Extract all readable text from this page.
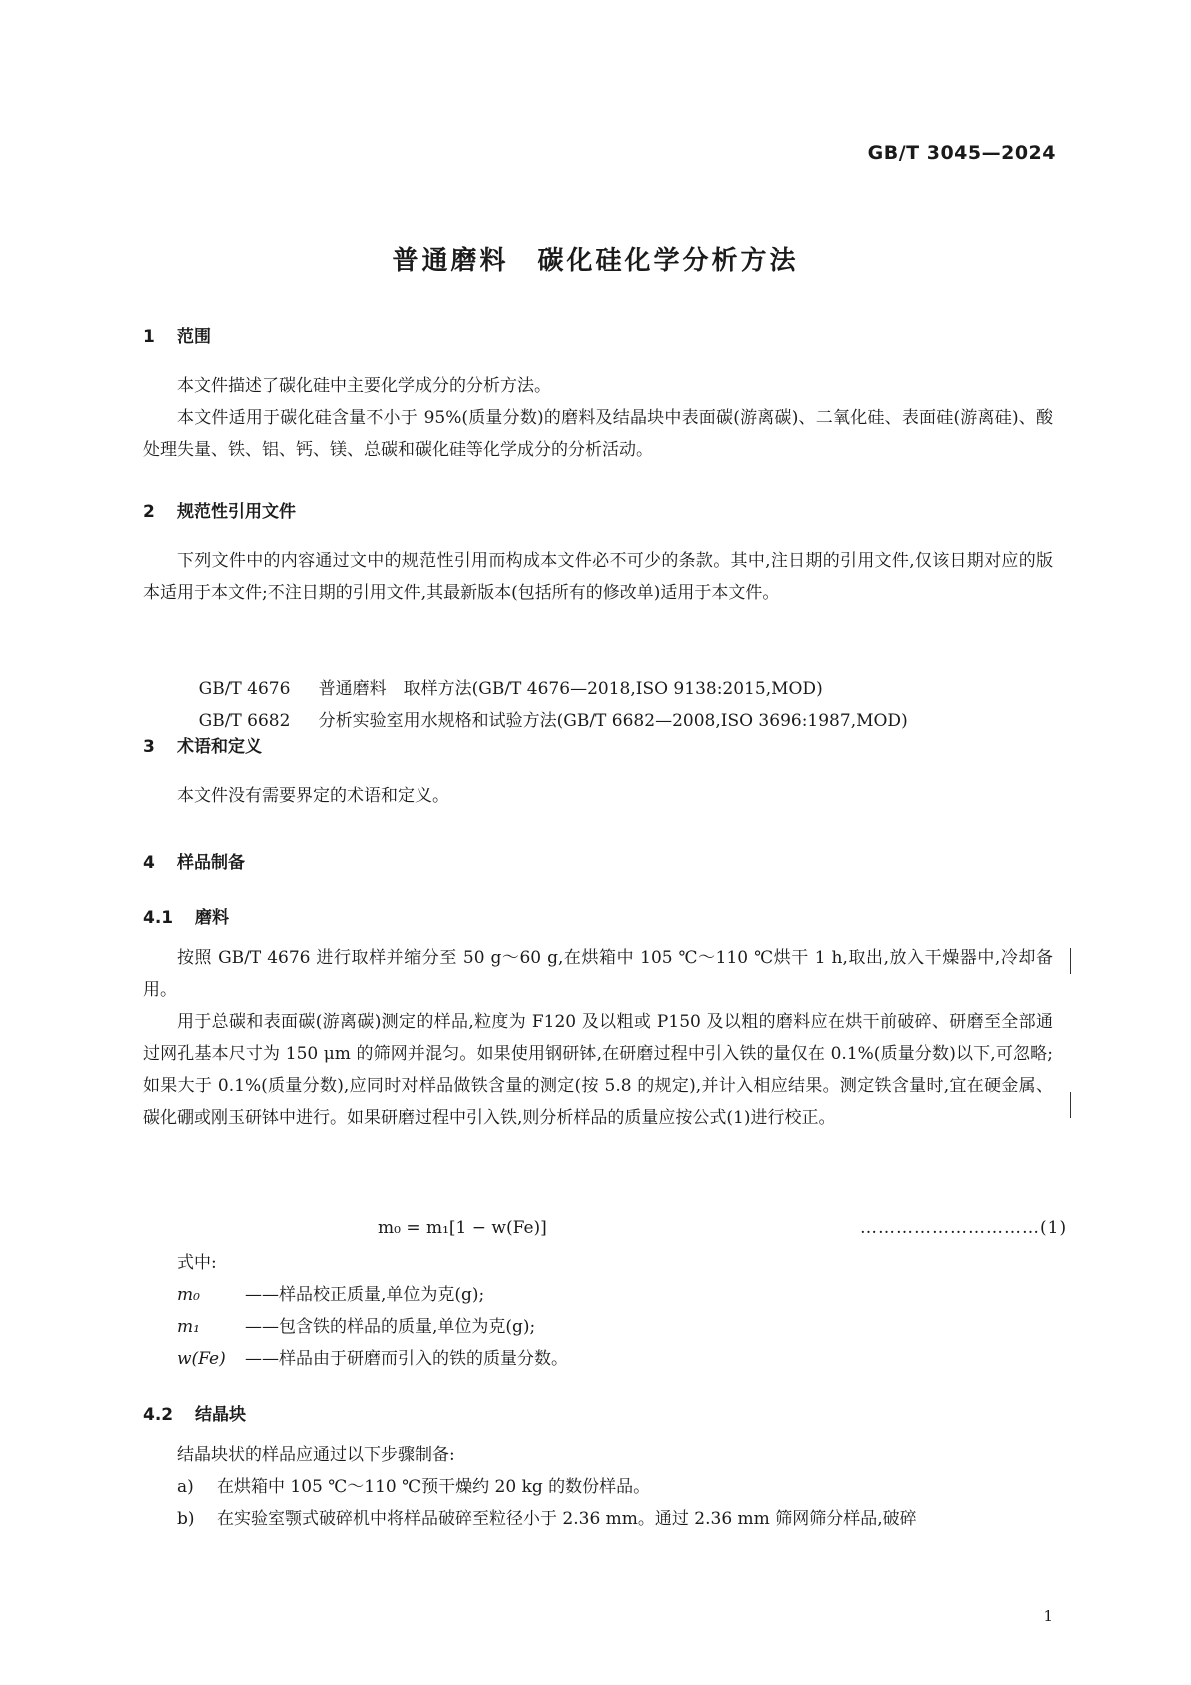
GB/T 3045—2024
普通磨料　碳化硅化学分析方法
1 范围

本文件描述了碳化硅中主要化学成分的分析方法。

本文件适用于碳化硅含量不小于 95%(质量分数)的磨料及结晶块中表面碳(游离碳)、二氧化硅、表面硅(游离硅)、酸处理失量、铁、铝、钙、镁、总碳和碳化硅等化学成分的分析活动。

2 规范性引用文件

下列文件中的内容通过文中的规范性引用而构成本文件必不可少的条款。其中,注日期的引用文件,仅该日期对应的版本适用于本文件;不注日期的引用文件,其最新版本(包括所有的修改单)适用于本文件。

GB/T 4676 普通磨料　取样方法(GB/T 4676—2018,ISO 9138:2015,MOD)

GB/T 6682 分析实验室用水规格和试验方法(GB/T 6682—2008,ISO 3696:1987,MOD)

3 术语和定义

本文件没有需要界定的术语和定义。

4 样品制备
4.1 磨料

按照 GB/T 4676 进行取样并缩分至 50 g～60 g,在烘箱中 105 ℃～110 ℃烘干 1 h,取出,放入干燥器中,冷却备用。

用于总碳和表面碳(游离碳)测定的样品,粒度为 F120 及以粗或 P150 及以粗的磨料应在烘干前破碎、研磨至全部通过网孔基本尺寸为 150 μm 的筛网并混匀。如果使用钢研钵,在研磨过程中引入铁的量仅在 0.1%(质量分数)以下,可忽略;如果大于 0.1%(质量分数),应同时对样品做铁含量的测定(按 5.8 的规定),并计入相应结果。测定铁含量时,宜在硬金属、碳化硼或刚玉研钵中进行。如果研磨过程中引入铁,则分析样品的质量应按公式(1)进行校正。

m₀ = m₁[1 − w(Fe)]	…………………………(1)
式中:
m₀	——样品校正质量,单位为克(g);
m₁	——包含铁的样品的质量,单位为克(g);
w(Fe) ——样品由于研磨而引入的铁的质量分数。
4.2 结晶块

结晶块状的样品应通过以下步骤制备:

a) 在烘箱中 105 ℃～110 ℃预干燥约 20 kg 的数份样品。
b) 在实验室颚式破碎机中将样品破碎至粒径小于 2.36 mm。通过 2.36 mm 筛网筛分样品,破碎
1
